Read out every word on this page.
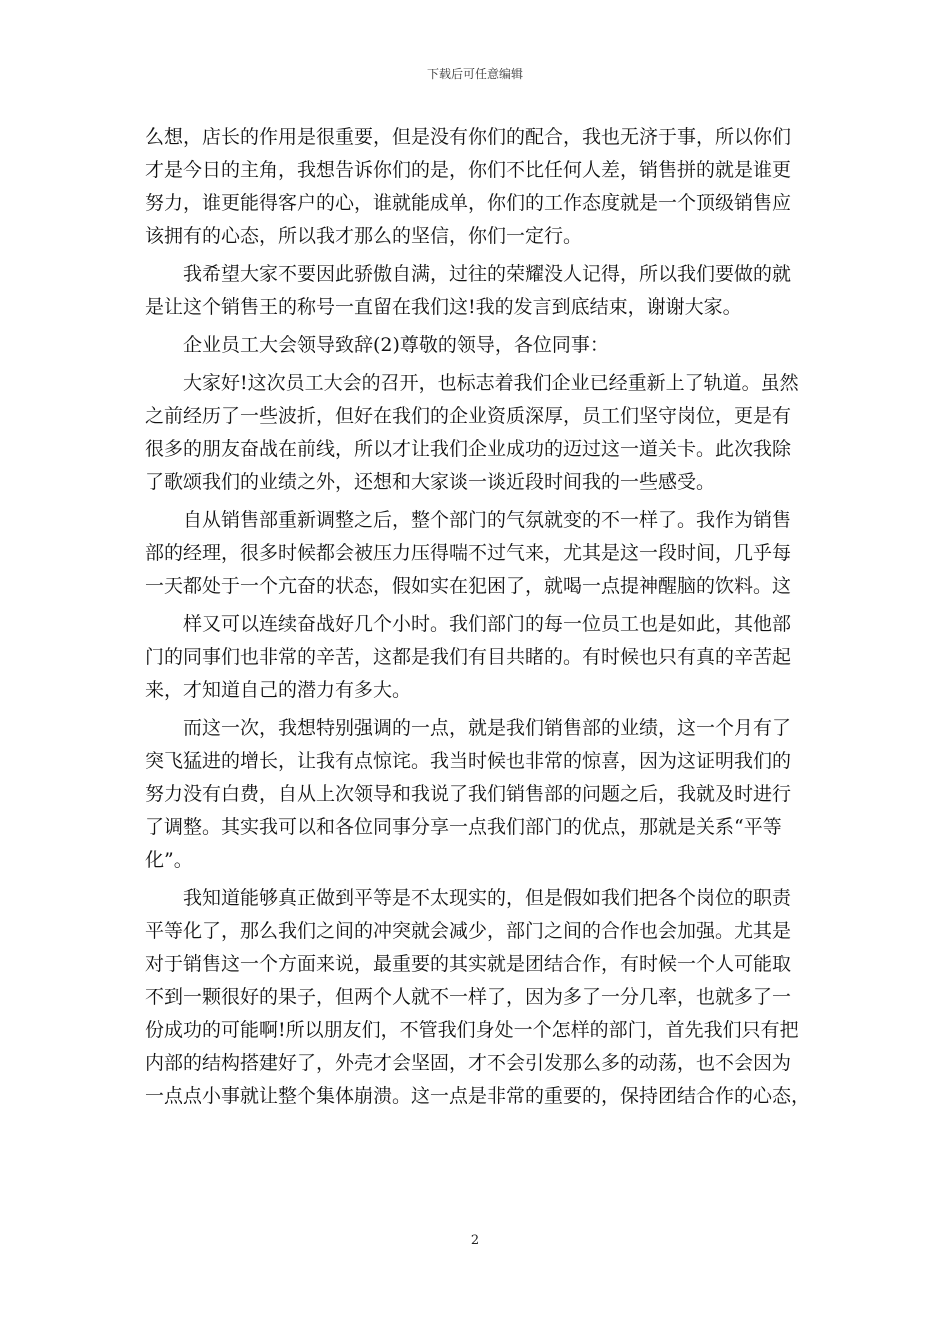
下载后可任意编辑

么想，店长的作用是很重要，但是没有你们的配合，我也无济于事，所以你们
才是今日的主角，我想告诉你们的是，你们不比任何人差，销售拼的就是谁更
努力，谁更能得客户的心，谁就能成单，你们的工作态度就是一个顶级销售应
该拥有的心态，所以我才那么的坚信，你们一定行。

　　我希望大家不要因此骄傲自满，过往的荣耀没人记得，所以我们要做的就
是让这个销售王的称号一直留在我们这!我的发言到底结束，谢谢大家。

　　企业员工大会领导致辞(2)尊敬的领导，各位同事：

　　大家好!这次员工大会的召开，也标志着我们企业已经重新上了轨道。虽然
之前经历了一些波折，但好在我们的企业资质深厚，员工们坚守岗位，更是有
很多的朋友奋战在前线，所以才让我们企业成功的迈过这一道关卡。此次我除
了歌颂我们的业绩之外，还想和大家谈一谈近段时间我的一些感受。

　　自从销售部重新调整之后，整个部门的气氛就变的不一样了。我作为销售
部的经理，很多时候都会被压力压得喘不过气来，尤其是这一段时间，几乎每
一天都处于一个亢奋的状态，假如实在犯困了，就喝一点提神醒脑的饮料。这

　　样又可以连续奋战好几个小时。我们部门的每一位员工也是如此，其他部
门的同事们也非常的辛苦，这都是我们有目共睹的。有时候也只有真的辛苦起
来，才知道自己的潜力有多大。

　　而这一次，我想特别强调的一点，就是我们销售部的业绩，这一个月有了
突飞猛进的增长，让我有点惊诧。我当时候也非常的惊喜，因为这证明我们的
努力没有白费，自从上次领导和我说了我们销售部的问题之后，我就及时进行
了调整。其实我可以和各位同事分享一点我们部门的优点，那就是关系“平等
化”。

　　我知道能够真正做到平等是不太现实的，但是假如我们把各个岗位的职责
平等化了，那么我们之间的冲突就会减少，部门之间的合作也会加强。尤其是
对于销售这一个方面来说，最重要的其实就是团结合作，有时候一个人可能取
不到一颗很好的果子，但两个人就不一样了，因为多了一分几率，也就多了一
份成功的可能啊!所以朋友们，不管我们身处一个怎样的部门，首先我们只有把
内部的结构搭建好了，外壳才会坚固，才不会引发那么多的动荡，也不会因为
一点点小事就让整个集体崩溃。这一点是非常的重要的，保持团结合作的心态，

2
